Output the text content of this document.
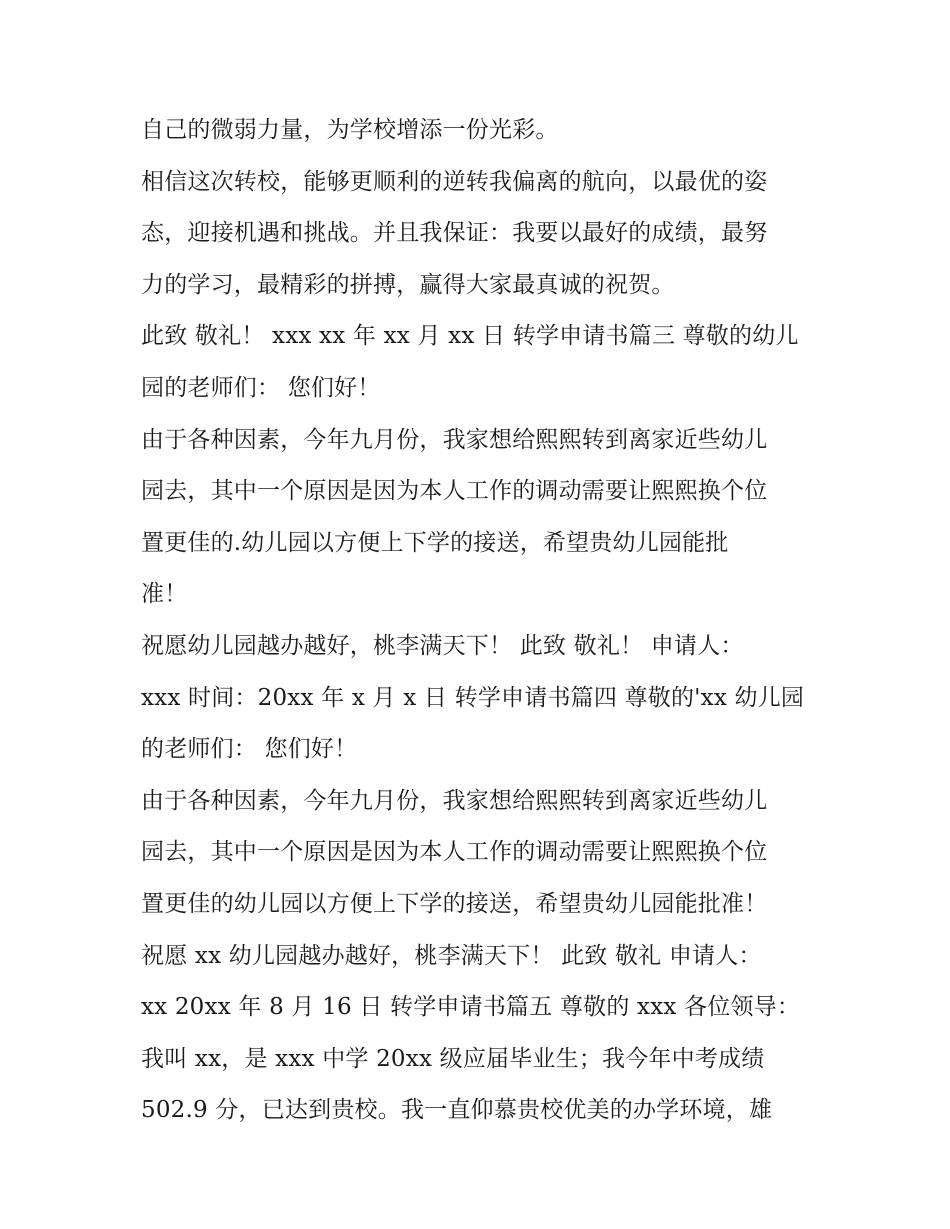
自己的微弱力量，为学校增添一份光彩。
相信这次转校，能够更顺利的逆转我偏离的航向，以最优的姿
态，迎接机遇和挑战。并且我保证：我要以最好的成绩，最努
力的学习，最精彩的拼搏，赢得大家最真诚的祝贺。
此致 敬礼！ xxx xx 年 xx 月 xx 日 转学申请书篇三 尊敬的幼儿
园的老师们： 您们好！
由于各种因素，今年九月份，我家想给熙熙转到离家近些幼儿
园去，其中一个原因是因为本人工作的调动需要让熙熙换个位
置更佳的.幼儿园以方便上下学的接送，希望贵幼儿园能批
准！
祝愿幼儿园越办越好，桃李满天下！ 此致 敬礼！ 申请人：
xxx 时间：20xx 年 x 月 x 日 转学申请书篇四 尊敬的'xx 幼儿园
的老师们： 您们好！
由于各种因素，今年九月份，我家想给熙熙转到离家近些幼儿
园去，其中一个原因是因为本人工作的调动需要让熙熙换个位
置更佳的幼儿园以方便上下学的接送，希望贵幼儿园能批准！
祝愿 xx 幼儿园越办越好，桃李满天下！ 此致 敬礼 申请人：
xx 20xx 年 8 月 16 日 转学申请书篇五 尊敬的 xxx 各位领导：
我叫 xx，是 xxx 中学 20xx 级应届毕业生；我今年中考成绩
502.9 分，已达到贵校。我一直仰慕贵校优美的办学环境，雄
